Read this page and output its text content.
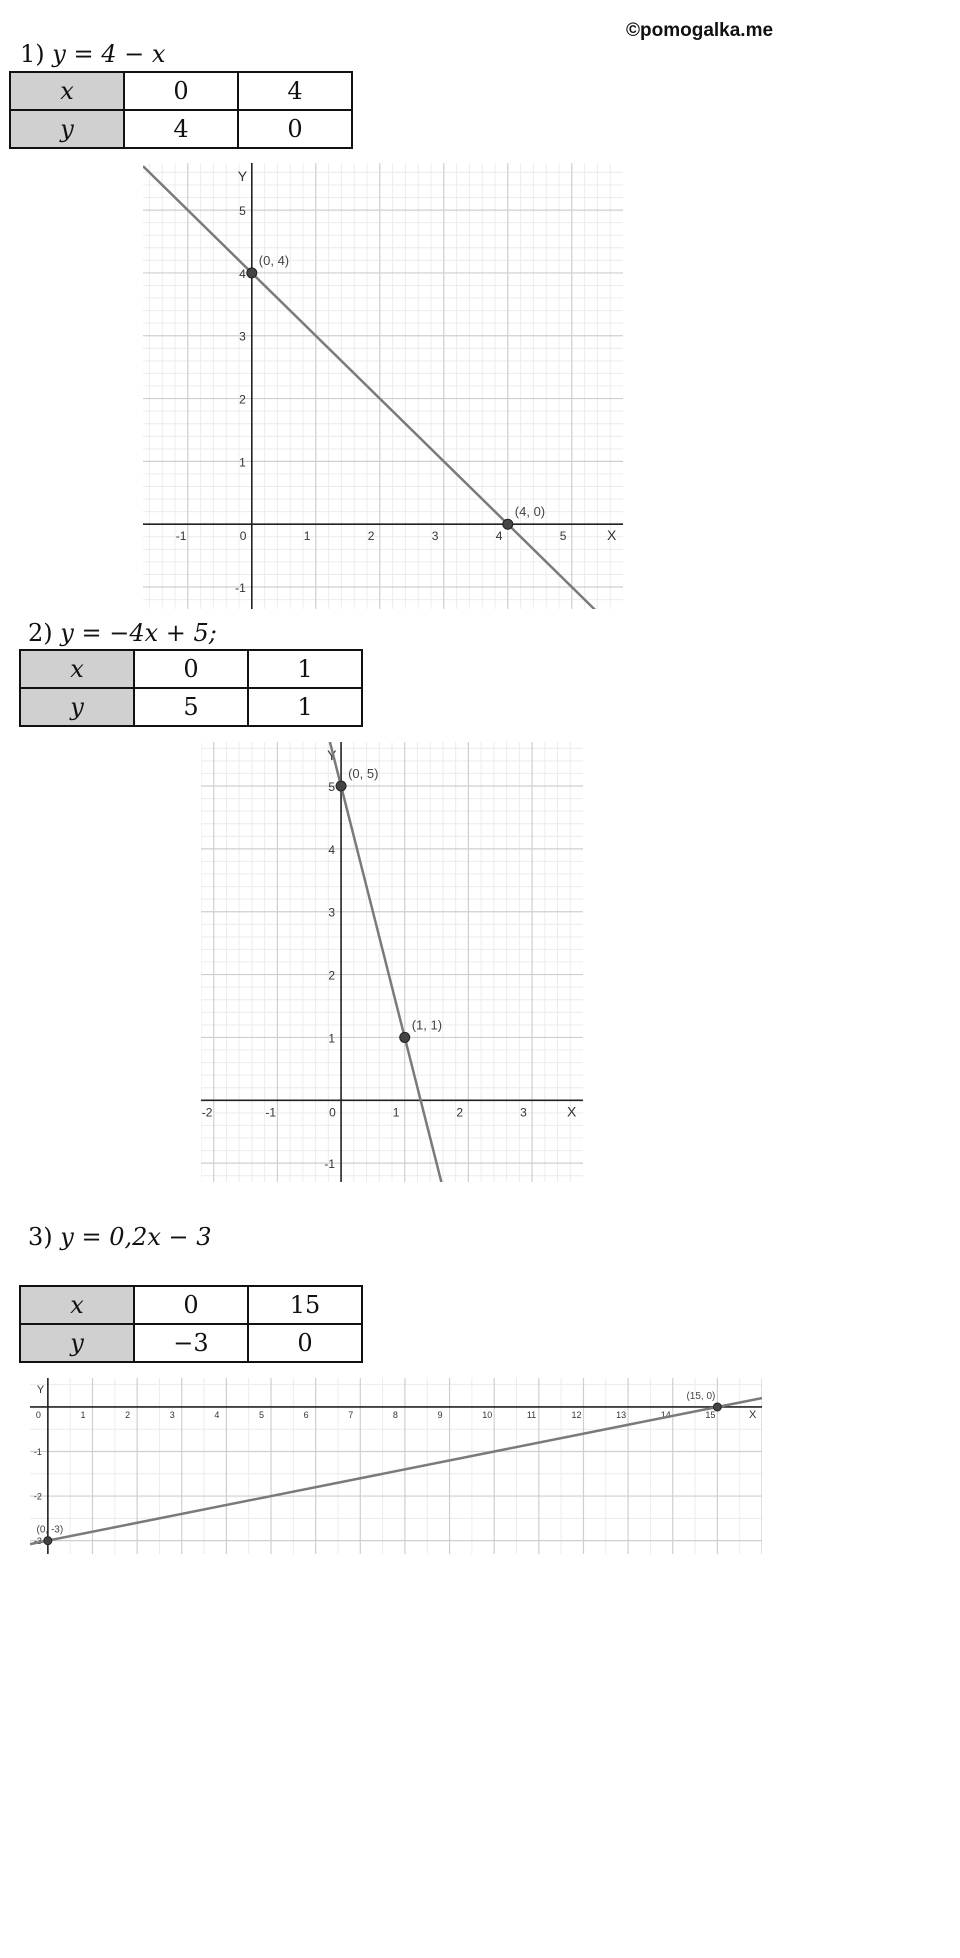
©pomogalka.me
1) y = 4 − x
x	0	4
y	4	0
-1	0	1	2	3	4	5
-1
1
2
3
4
5
X
Y
(0, 4)
(4, 0)
2) y = −4x + 5;
x	0	1
y	5	1
-2	-1	0	1	2	3
-1
1
2
3
4
5
X
Y
(0, 5)
(1, 1)
3) y = 0,2x − 3
x	0	15
y	−3	0
0	1	2	3	4	5	6	7	8	9	10	11	12	13	14	15
-1
-2
-3
X
Y
(0, -3)
(15, 0)
